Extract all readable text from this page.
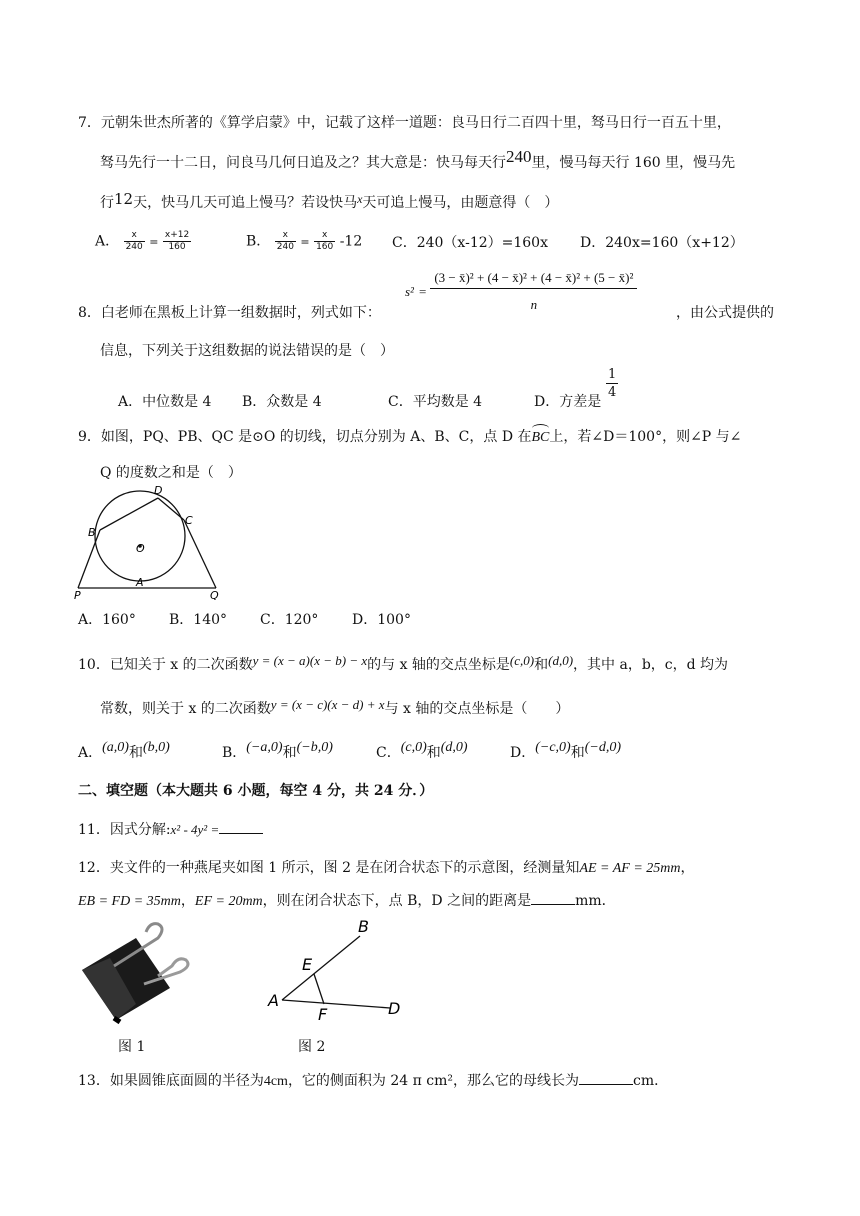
7．元朝朱世杰所著的《算学启蒙》中，记载了这样一道题：良马日行二百四十里，驽马日行一百五十里，
驽马先行一十二日，问良马几何日追及之？其大意是：快马每天行240里，慢马每天行 160 里，慢马先
行12天，快马几天可追上慢马？若设快马x天可追上慢马，由题意得（　）
A． $\frac{x}{240} = \frac{x+12}{160}$	B． $\frac{x}{240} = \frac{x}{160} -12$ C．240（x-12）=160x D．240x=160（x+12）
s²	=	(3 − x̄)² + (4 − x̄)² + (4 − x̄)² + (5 − x̄)²
n
8．白老师在黑板上计算一组数据时，列式如下：	，由公式提供的
信息，下列关于这组数据的说法错误的是（　）
A．中位数是 4 B．众数是 4	C．平均数是 4	D．方差是
$\frac{1}{4}$
9．如图，PQ、PB、QC 是⊙O 的切线，切点分别为 A、B、C，点 D 在
BC上，若∠D＝100°，则∠P 与∠
Q 的度数之和是（　）
B
D
C
O
P
A
Q
A．160° B．140° C．120° D．100°
10．已知关于 x 的二次函数y = (x − a)(x − b) − x的与 x 轴的交点坐标是(c,0)和(d,0)，其中 a，b，c，d 均为
常数，则关于 x 的二次函数y = (x − c)(x − d) + x与 x 轴的交点坐标是（　　）
A．(a,0)和(b,0)	B．(−a,0)和(−b,0)	C．(c,0)和(d,0)	D．(−c,0)和(−d,0)
二、填空题（本大题共 6 小题，每空 4 分，共 24 分．）
11．因式分解:x² - 4y² =
12．夹文件的一种燕尾夹如图 1 所示，图 2 是在闭合状态下的示意图，经测量知AE = AF = 25mm，
EB = FD = 35mm，EF = 20mm，则在闭合状态下，点 B，D 之间的距离是	mm．
图 1
B
E
A
F	D
图 2
13．如果圆锥底面圆的半径为4cm，它的侧面积为 24 π cm²，那么它的母线长为	cm．
